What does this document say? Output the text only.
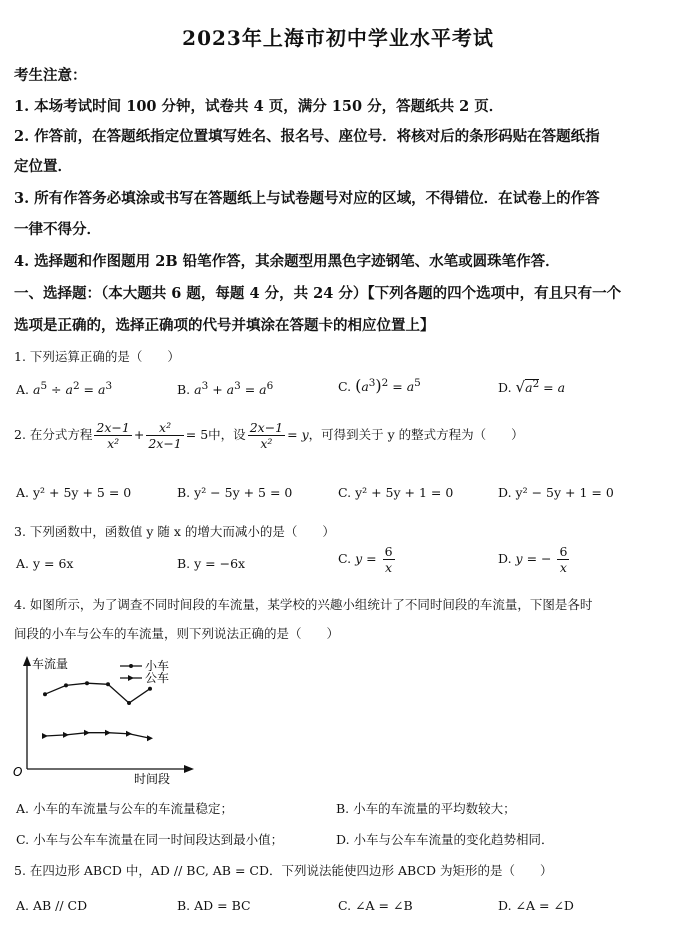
2023年上海市初中学业水平考试
考生注意：
1. 本场考试时间 100 分钟，试卷共 4 页，满分 150 分，答题纸共 2 页．
2. 作答前，在答题纸指定位置填写姓名、报名号、座位号．将核对后的条形码贴在答题纸指
定位置．
3. 所有作答务必填涂或书写在答题纸上与试卷题号对应的区域，不得错位．在试卷上的作答
一律不得分．
4. 选择题和作图题用 2B 铅笔作答，其余题型用黑色字迹钢笔、水笔或圆珠笔作答．
一、选择题：（本大题共 6 题，每题 4 分，共 24 分）【下列各题的四个选项中，有且只有一个
选项是正确的，选择正确项的代号并填涂在答题卡的相应位置上】
1. 下列运算正确的是（　　）
A. $a^5 \div a^2 = a^3$	B. $a^3 + a^3 = a^6$	C. $(a^3)^2 = a^5$	D. $√a^2 = a$
2. 在分式方程 $\frac{2x-1}{\text{x²}} + \frac{\text{x²}}{2x-1} = 5$中，设 $\frac{2x-1}{\text{x²}} = y$，可得到关于 y 的整式方程为（　　）
A. y² + 5y + 5 = 0	B. y² − 5y + 5 = 0	C. y² + 5y + 1 = 0	D. y² − 5y + 1 = 0
3. 下列函数中，函数值 y 随 x 的增大而减小的是（　　）
A. y = 6x	B. y = −6x	C. $y = \frac{6}{x}$	D. y = − $\frac{6}{x}$
4. 如图所示，为了调查不同时间段的车流量，某学校的兴趣小组统计了不同时间段的车流量，下图是各时
间段的小车与公车的车流量，则下列说法正确的是（　　）
车流量
时间段
O
小车
公车
A. 小车的车流量与公车的车流量稳定；	B. 小车的车流量的平均数较大；
C. 小车与公车车流量在同一时间段达到最小值；	D. 小车与公车车流量的变化趋势相同．
5. 在四边形 ABCD 中，AD // BC, AB = CD．下列说法能使四边形 ABCD 为矩形的是（　　）
A. AB // CD	B. AD = BC	C. ∠A = ∠B	D. ∠A = ∠D
